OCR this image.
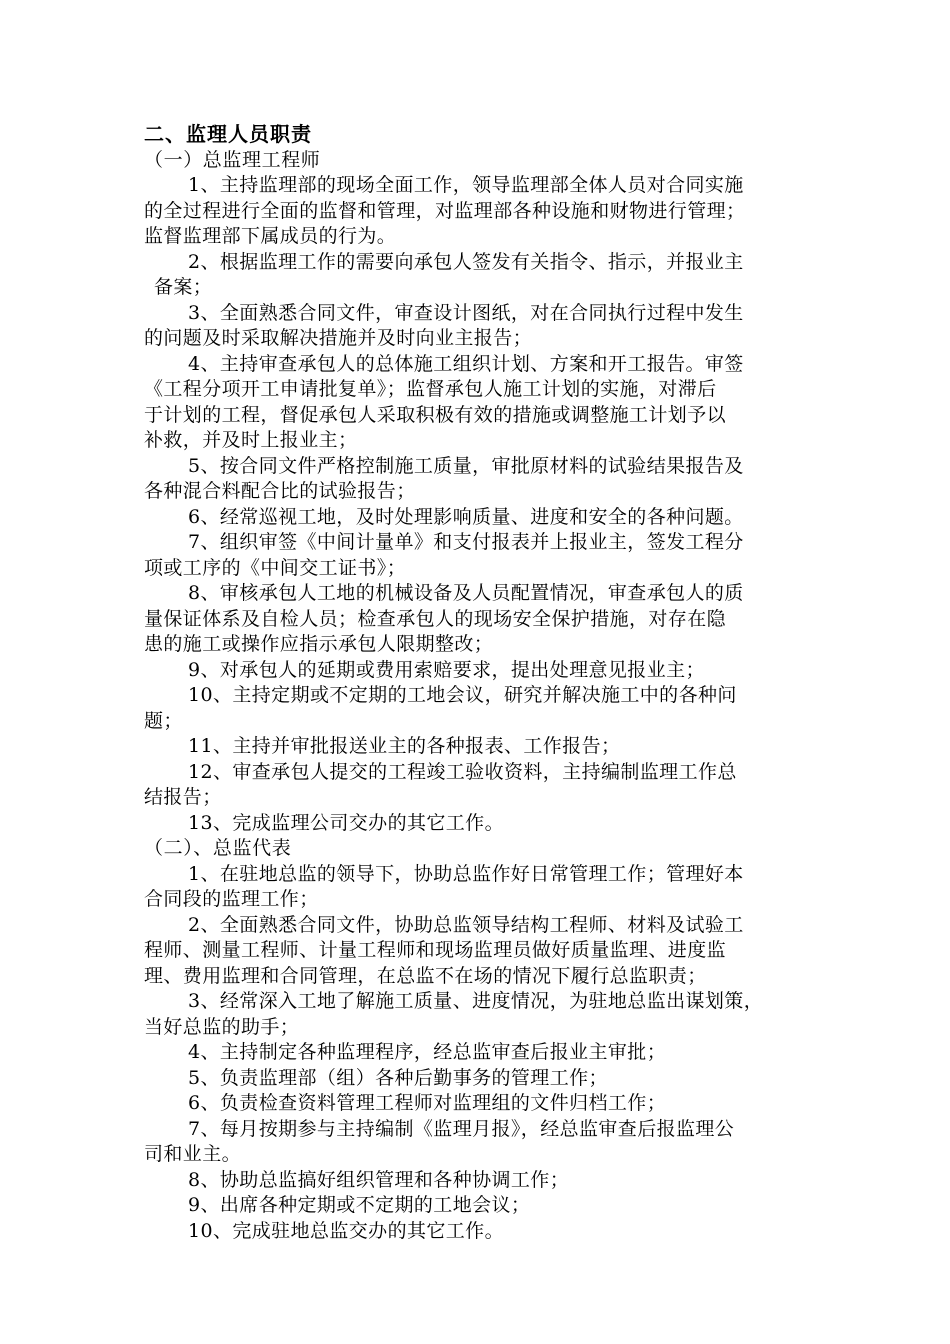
二、监理人员职责
（一）总监理工程师
1、主持监理部的现场全面工作，领导监理部全体人员对合同实施
的全过程进行全面的监督和管理，对监理部各种设施和财物进行管理；
监督监理部下属成员的行为。
2、根据监理工作的需要向承包人签发有关指令、指示，并报业主
备案；
3、全面熟悉合同文件，审查设计图纸，对在合同执行过程中发生
的问题及时采取解决措施并及时向业主报告；
4、主持审查承包人的总体施工组织计划、方案和开工报告。审签
《工程分项开工申请批复单》；监督承包人施工计划的实施，对滞后
于计划的工程，督促承包人采取积极有效的措施或调整施工计划予以
补救，并及时上报业主；
5、按合同文件严格控制施工质量，审批原材料的试验结果报告及
各种混合料配合比的试验报告；
6、经常巡视工地，及时处理影响质量、进度和安全的各种问题。
7、组织审签《中间计量单》和支付报表并上报业主，签发工程分
项或工序的《中间交工证书》；
8、审核承包人工地的机械设备及人员配置情况，审查承包人的质
量保证体系及自检人员；检查承包人的现场安全保护措施，对存在隐
患的施工或操作应指示承包人限期整改；
9、对承包人的延期或费用索赔要求，提出处理意见报业主；
10、主持定期或不定期的工地会议，研究并解决施工中的各种问
题；
11、主持并审批报送业主的各种报表、工作报告；
12、审查承包人提交的工程竣工验收资料，主持编制监理工作总
结报告；
13、完成监理公司交办的其它工作。
（二）、总监代表
1、在驻地总监的领导下，协助总监作好日常管理工作；管理好本
合同段的监理工作；
2、全面熟悉合同文件，协助总监领导结构工程师、材料及试验工
程师、测量工程师、计量工程师和现场监理员做好质量监理、进度监
理、费用监理和合同管理，在总监不在场的情况下履行总监职责；
3、经常深入工地了解施工质量、进度情况，为驻地总监出谋划策，
当好总监的助手；
4、主持制定各种监理程序，经总监审查后报业主审批；
5、负责监理部（组）各种后勤事务的管理工作；
6、负责检查资料管理工程师对监理组的文件归档工作；
7、每月按期参与主持编制《监理月报》，经总监审查后报监理公
司和业主。
8、协助总监搞好组织管理和各种协调工作；
9、出席各种定期或不定期的工地会议；
10、完成驻地总监交办的其它工作。
